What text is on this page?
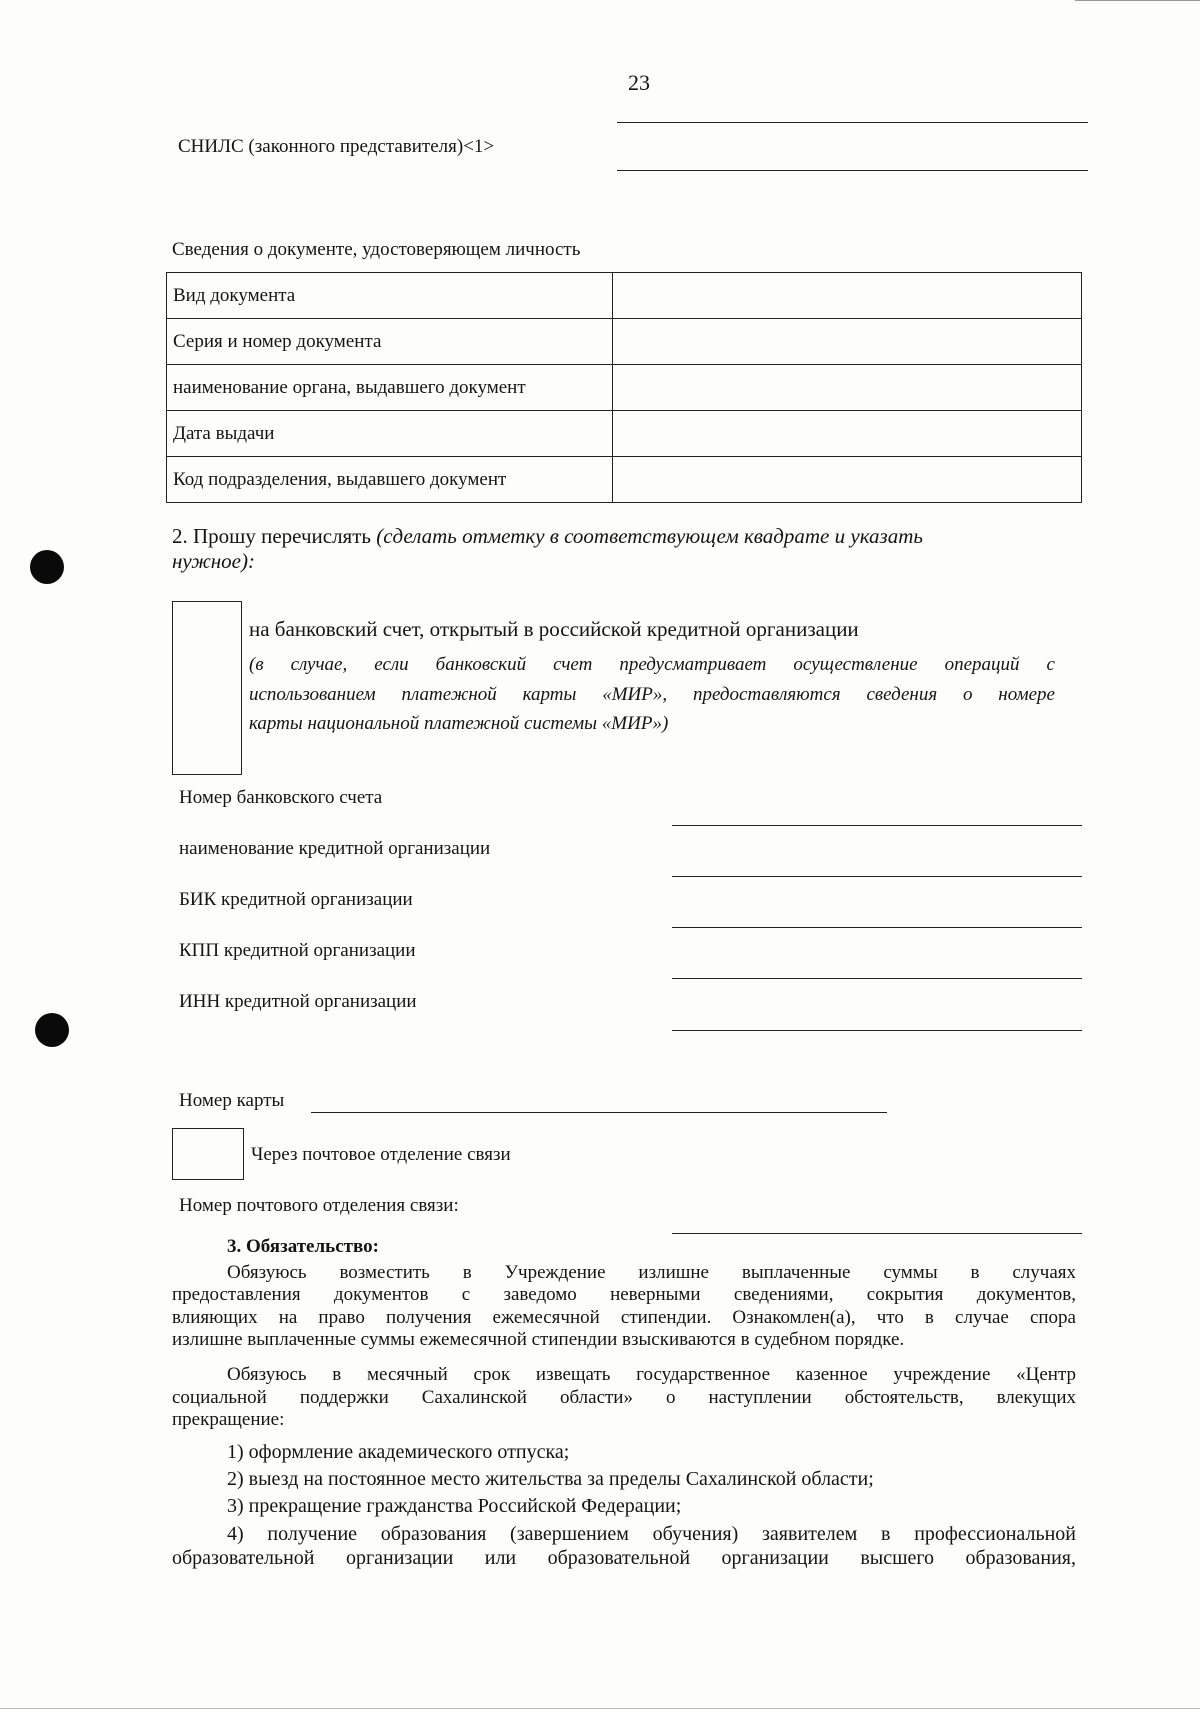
23
СНИЛС (законного представителя)<1>
Сведения о документе, удостоверяющем личность
Вид документа	
Серия и номер документа	
наименование органа, выдавшего документ	
Дата выдачи	
Код подразделения, выдавшего документ	
2. Прошу перечислять (сделать отметку в соответствующем квадрате и указать
нужное):
на банковский счет, открытый в российской кредитной организации
(в случае, если банковский счет предусматривает осуществление операций с
использованием платежной карты «МИР», предоставляются сведения о номере
карты национальной платежной системы «МИР»)
Номер банковского счета
наименование кредитной организации
БИК кредитной организации
КПП кредитной организации
ИНН кредитной организации
Номер карты
Через почтовое отделение связи
Номер почтового отделения связи:
3. Обязательство:
Обязуюсь возместить в Учреждение излишне выплаченные суммы в случаях
предоставления документов с заведомо неверными сведениями, сокрытия документов,
влияющих на право получения ежемесячной стипендии. Ознакомлен(а), что в случае спора
излишне выплаченные суммы ежемесячной стипендии взыскиваются в судебном порядке.
Обязуюсь в месячный срок извещать государственное казенное учреждение «Центр
социальной поддержки Сахалинской области» о наступлении обстоятельств, влекущих
прекращение:
1) оформление академического отпуска;
2) выезд на постоянное место жительства за пределы Сахалинской области;
3) прекращение гражданства Российской Федерации;
4) получение образования (завершением обучения) заявителем в профессиональной
образовательной организации или образовательной организации высшего образования,
